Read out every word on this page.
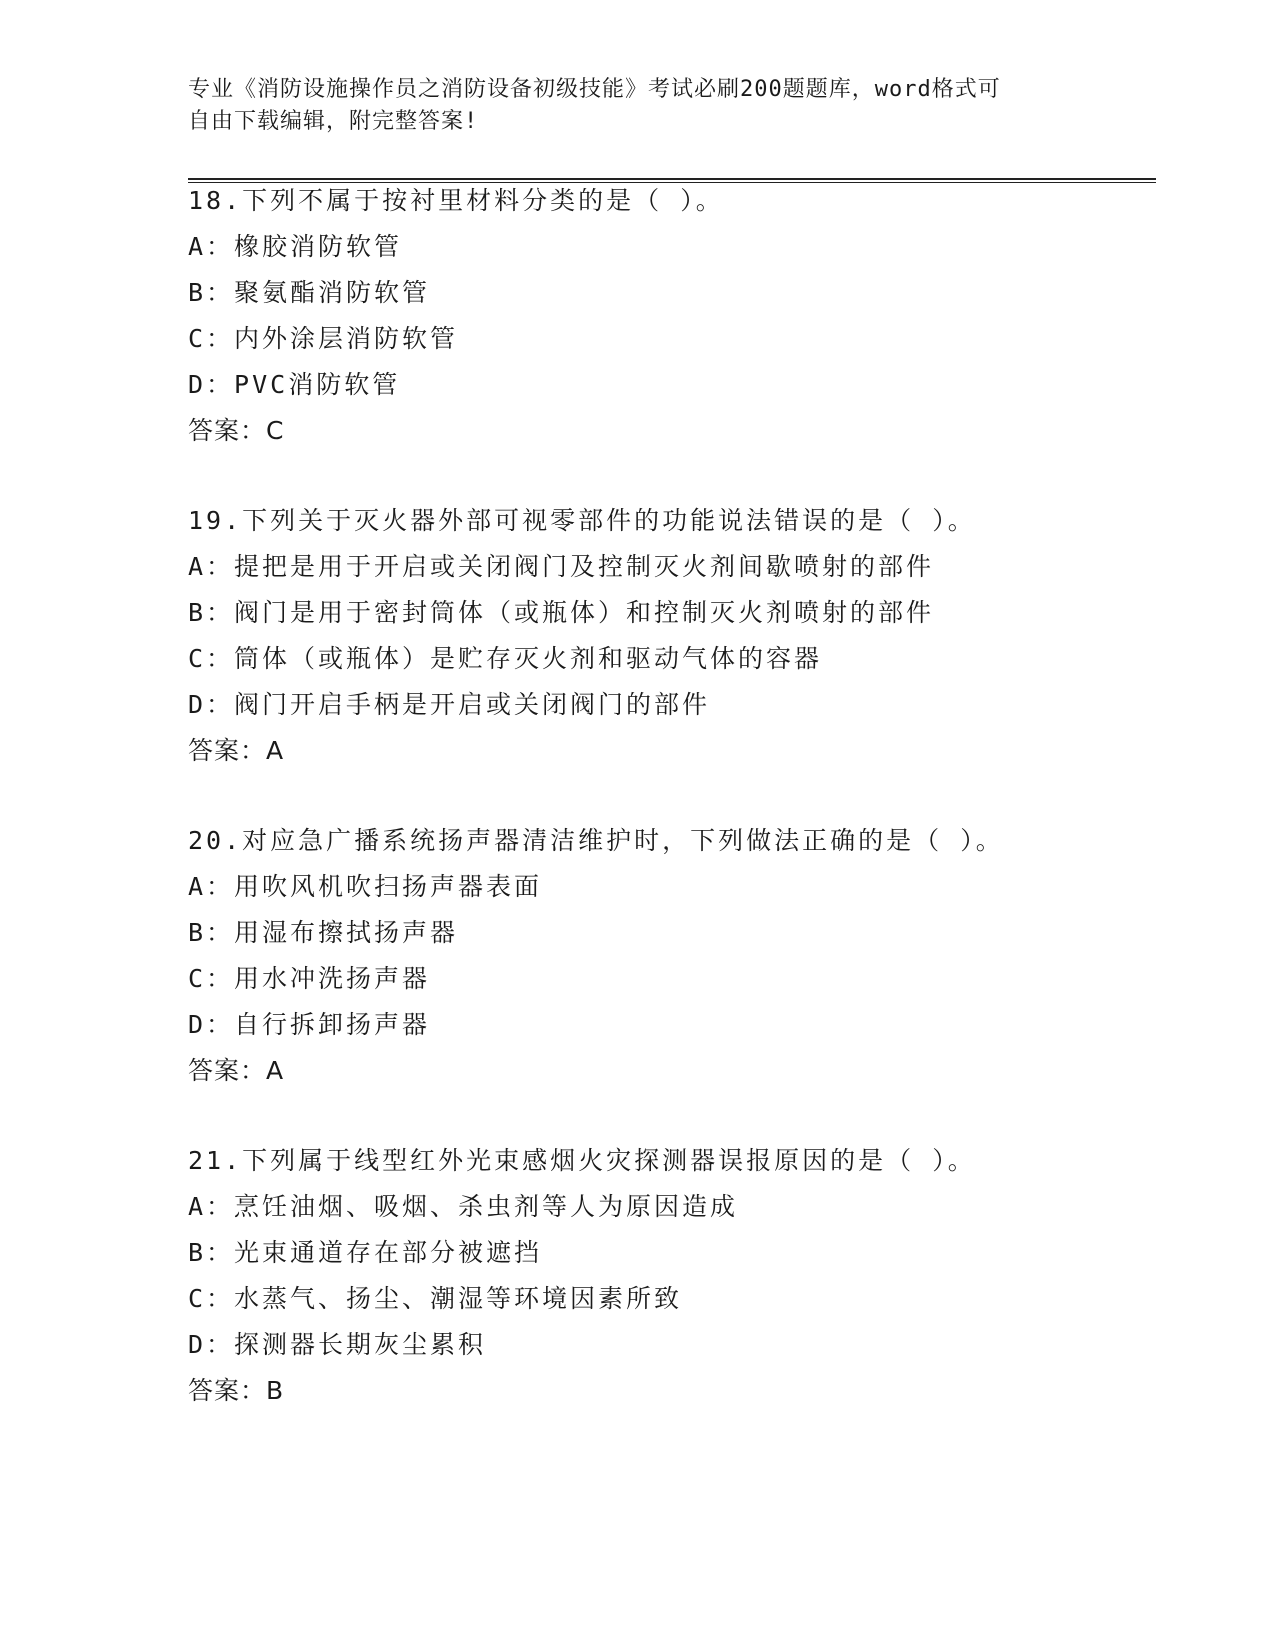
专业《消防设施操作员之消防设备初级技能》考试必刷200题题库，word格式可
自由下载编辑，附完整答案!
18.下列不属于按衬里材料分类的是（ ）。
A：橡胶消防软管
B：聚氨酯消防软管
C：内外涂层消防软管
D：PVC消防软管
答案：C
19.下列关于灭火器外部可视零部件的功能说法错误的是（ ）。
A：提把是用于开启或关闭阀门及控制灭火剂间歇喷射的部件
B：阀门是用于密封筒体（或瓶体）和控制灭火剂喷射的部件
C：筒体（或瓶体）是贮存灭火剂和驱动气体的容器
D：阀门开启手柄是开启或关闭阀门的部件
答案：A
20.对应急广播系统扬声器清洁维护时，下列做法正确的是（ ）。
A：用吹风机吹扫扬声器表面
B：用湿布擦拭扬声器
C：用水冲洗扬声器
D：自行拆卸扬声器
答案：A
21.下列属于线型红外光束感烟火灾探测器误报原因的是（ ）。
A：烹饪油烟、吸烟、杀虫剂等人为原因造成
B：光束通道存在部分被遮挡
C：水蒸气、扬尘、潮湿等环境因素所致
D：探测器长期灰尘累积
答案：B
